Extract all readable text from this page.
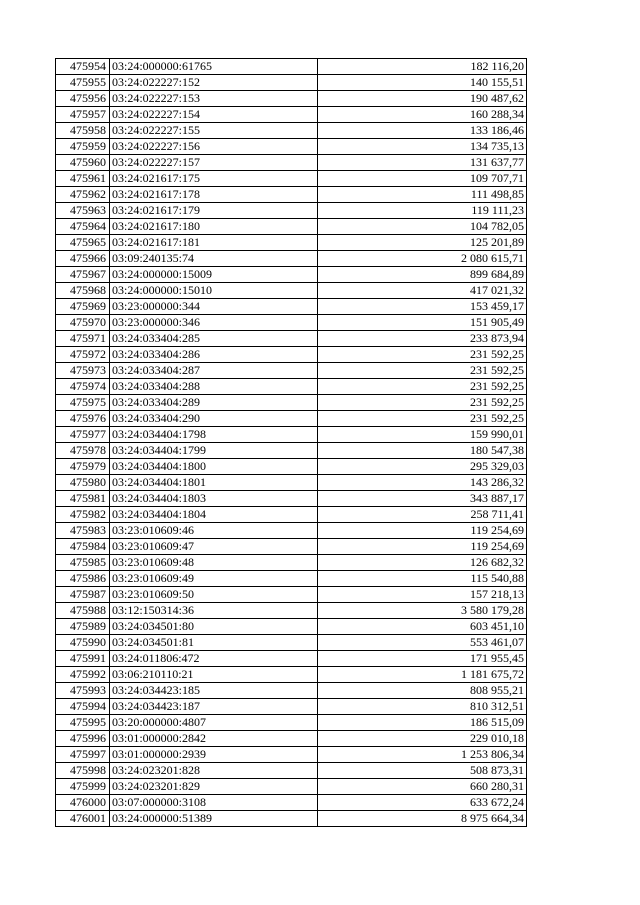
475954	03:24:000000:61765	182 116,20
475955	03:24:022227:152	140 155,51
475956	03:24:022227:153	190 487,62
475957	03:24:022227:154	160 288,34
475958	03:24:022227:155	133 186,46
475959	03:24:022227:156	134 735,13
475960	03:24:022227:157	131 637,77
475961	03:24:021617:175	109 707,71
475962	03:24:021617:178	111 498,85
475963	03:24:021617:179	119 111,23
475964	03:24:021617:180	104 782,05
475965	03:24:021617:181	125 201,89
475966	03:09:240135:74	2 080 615,71
475967	03:24:000000:15009	899 684,89
475968	03:24:000000:15010	417 021,32
475969	03:23:000000:344	153 459,17
475970	03:23:000000:346	151 905,49
475971	03:24:033404:285	233 873,94
475972	03:24:033404:286	231 592,25
475973	03:24:033404:287	231 592,25
475974	03:24:033404:288	231 592,25
475975	03:24:033404:289	231 592,25
475976	03:24:033404:290	231 592,25
475977	03:24:034404:1798	159 990,01
475978	03:24:034404:1799	180 547,38
475979	03:24:034404:1800	295 329,03
475980	03:24:034404:1801	143 286,32
475981	03:24:034404:1803	343 887,17
475982	03:24:034404:1804	258 711,41
475983	03:23:010609:46	119 254,69
475984	03:23:010609:47	119 254,69
475985	03:23:010609:48	126 682,32
475986	03:23:010609:49	115 540,88
475987	03:23:010609:50	157 218,13
475988	03:12:150314:36	3 580 179,28
475989	03:24:034501:80	603 451,10
475990	03:24:034501:81	553 461,07
475991	03:24:011806:472	171 955,45
475992	03:06:210110:21	1 181 675,72
475993	03:24:034423:185	808 955,21
475994	03:24:034423:187	810 312,51
475995	03:20:000000:4807	186 515,09
475996	03:01:000000:2842	229 010,18
475997	03:01:000000:2939	1 253 806,34
475998	03:24:023201:828	508 873,31
475999	03:24:023201:829	660 280,31
476000	03:07:000000:3108	633 672,24
476001	03:24:000000:51389	8 975 664,34
